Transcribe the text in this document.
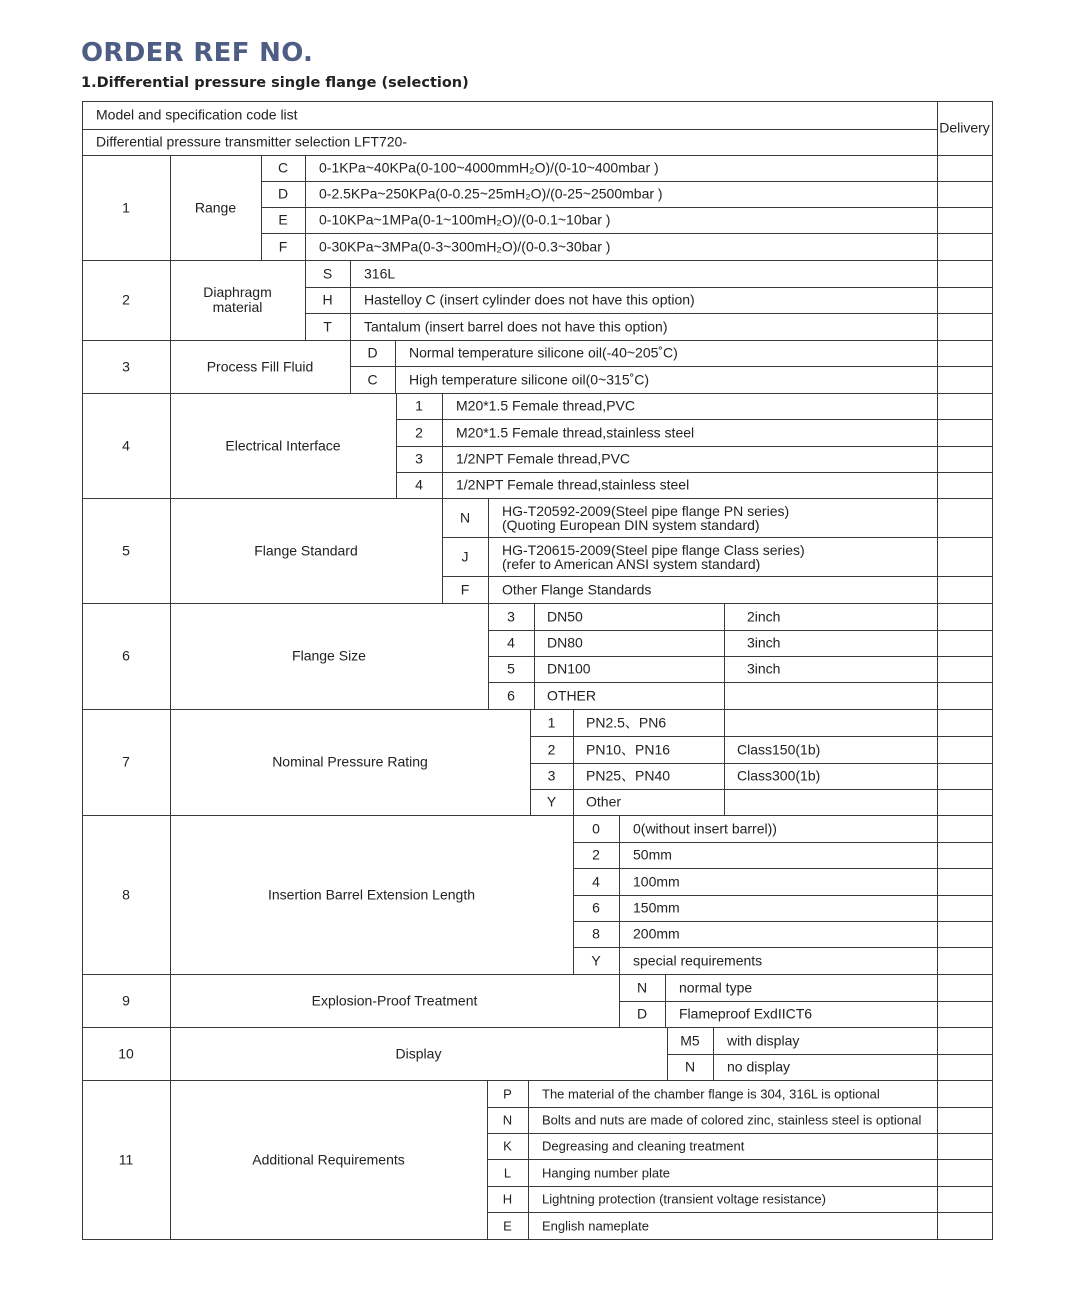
ORDER REF NO.
1.Differential pressure single flange (selection)
Model and specification code list
Differential pressure transmitter selection LFT720-
Delivery
1	Range
C 0-1KPa~40KPa(0-100~4000mmH₂O)/(0-10~400mbar )
D 0-2.5KPa~250KPa(0-0.25~25mH₂O)/(0-25~2500mbar )
E 0-10KPa~1MPa(0-1~100mH₂O)/(0-0.1~10bar )
F 0-30KPa~3MPa(0-3~300mH₂O)/(0-0.3~30bar )
2	Diaphragm
material
S 316L
H Hastelloy C (insert cylinder does not have this option)
T Tantalum (insert barrel does not have this option)
3	Process Fill Fluid
D Normal temperature silicone oil(-40~205˚C)
C High temperature silicone oil(0~315˚C)
4	Electrical Interface
1 M20*1.5 Female thread,PVC
2 M20*1.5 Female thread,stainless steel
3 1/2NPT Female thread,PVC
4 1/2NPT Female thread,stainless steel
5	Flange Standard
N HG-T20592-2009(Steel pipe flange PN series)
(Quoting European DIN system standard)
J HG-T20615-2009(Steel pipe flange Class series)
(refer to American ANSI system standard)
F Other Flange Standards
6	Flange Size
3 DN50	2inch
4 DN80	3inch
5 DN100	3inch
6 OTHER
7	Nominal Pressure Rating
1 PN2.5、PN6
2 PN10、PN16	Class150(1b)
3 PN25、PN40	Class300(1b)
Y Other
8	Insertion Barrel Extension Length
0 0(without insert barrel))
2 50mm
4 100mm
6 150mm
8 200mm
Y special requirements
9	Explosion-Proof Treatment
N normal type
D Flameproof ExdIICT6
10	Display
M5 with display
N no display
11	Additional Requirements
P The material of the chamber flange is 304, 316L is optional
N Bolts and nuts are made of colored zinc, stainless steel is optional
K Degreasing and cleaning treatment
L Hanging number plate
H Lightning protection (transient voltage resistance)
E English nameplate
